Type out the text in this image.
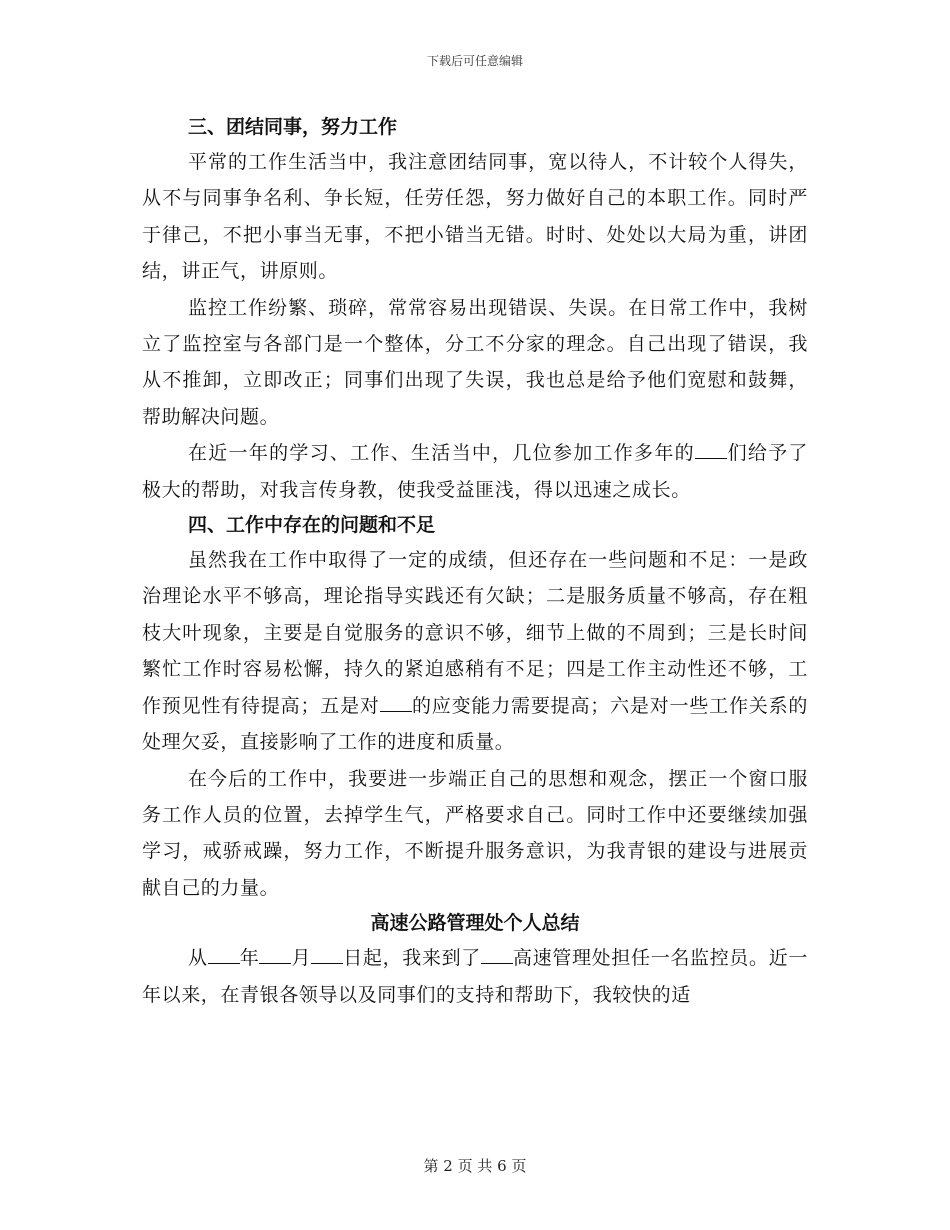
下载后可任意编辑
三、团结同事，努力工作

平常的工作生活当中，我注意团结同事，宽以待人，不计较个人得失，从不与同事争名利、争长短，任劳任怨，努力做好自己的本职工作。同时严于律己，不把小事当无事，不把小错当无错。时时、处处以大局为重，讲团结，讲正气，讲原则。

监控工作纷繁、琐碎，常常容易出现错误、失误。在日常工作中，我树立了监控室与各部门是一个整体，分工不分家的理念。自己出现了错误，我从不推卸，立即改正；同事们出现了失误，我也总是给予他们宽慰和鼓舞，帮助解决问题。

在近一年的学习、工作、生活当中，几位参加工作多年的 们给予了极大的帮助，对我言传身教，使我受益匪浅，得以迅速之成长。

四、工作中存在的问题和不足

虽然我在工作中取得了一定的成绩，但还存在一些问题和不足：一是政治理论水平不够高，理论指导实践还有欠缺；二是服务质量不够高，存在粗枝大叶现象，主要是自觉服务的意识不够，细节上做的不周到；三是长时间繁忙工作时容易松懈，持久的紧迫感稍有不足；四是工作主动性还不够，工作预见性有待提高；五是对 的应变能力需要提高；六是对一些工作关系的处理欠妥，直接影响了工作的进度和质量。

在今后的工作中，我要进一步端正自己的思想和观念，摆正一个窗口服务工作人员的位置，去掉学生气，严格要求自己。同时工作中还要继续加强学习，戒骄戒躁，努力工作，不断提升服务意识，为我青银的建设与进展贡献自己的力量。

高速公路管理处个人总结

从 年 月 日起，我来到了 高速管理处担任一名监控员。近一年以来，在青银各领导以及同事们的支持和帮助下，我较快的适

第 2 页 共 6 页
